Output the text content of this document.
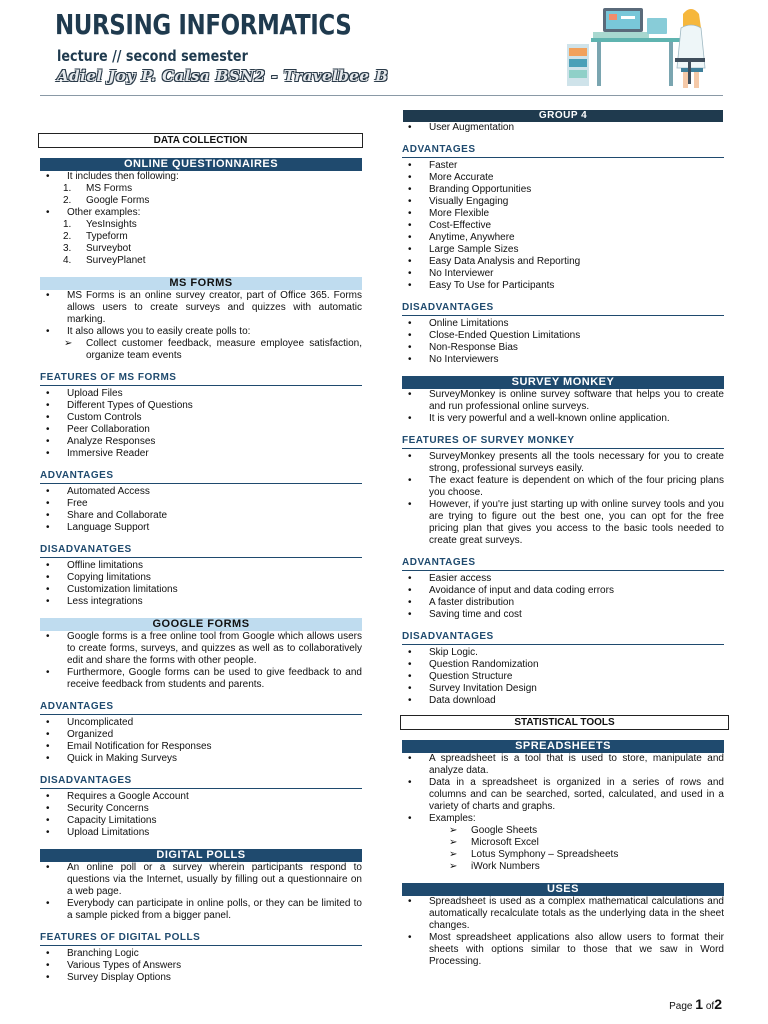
NURSING INFORMATICS
lecture // second semester
Adiel Joy P. Calsa BSN2 - Travelbee B
GROUP 4
DATA COLLECTION
ONLINE QUESTIONNAIRES
• It includes then following:
1. MS Forms
2. Google Forms
• Other examples:
1. YesInsights
2. Typeform
3. Surveybot
4. SurveyPlanet
MS FORMS
• MS Forms is an online survey creator, part of Office 365. Forms allows users to create surveys and quizzes with automatic marking.
• It also allows you to easily create polls to:
➢ Collect customer feedback, measure employee satisfaction, organize team events
FEATURES OF MS FORMS
• Upload Files
• Different Types of Questions
• Custom Controls
• Peer Collaboration
• Analyze Responses
• Immersive Reader
ADVANTAGES
• Automated Access
• Free
• Share and Collaborate
• Language Support
DISADVANATGES
• Offline limitations
• Copying limitations
• Customization limitations
• Less integrations
GOOGLE FORMS
• Google forms is a free online tool from Google which allows users to create forms, surveys, and quizzes as well as to collaboratively edit and share the forms with other people.
• Furthermore, Google forms can be used to give feedback to and receive feedback from students and parents.
ADVANTAGES
• Uncomplicated
• Organized
• Email Notification for Responses
• Quick in Making Surveys
DISADVANTAGES
• Requires a Google Account
• Security Concerns
• Capacity Limitations
• Upload Limitations
DIGITAL POLLS
• An online poll or a survey wherein participants respond to questions via the Internet, usually by filling out a questionnaire on a web page.
• Everybody can participate in online polls, or they can be limited to a sample picked from a bigger panel.
FEATURES OF DIGITAL POLLS
• Branching Logic
• Various Types of Answers
• Survey Display Options
• User Augmentation
ADVANTAGES
• Faster
• More Accurate
• Branding Opportunities
• Visually Engaging
• More Flexible
• Cost-Effective
• Anytime, Anywhere
• Large Sample Sizes
• Easy Data Analysis and Reporting
• No Interviewer
• Easy To Use for Participants
DISADVANTAGES
• Online Limitations
• Close-Ended Question Limitations
• Non-Response Bias
• No Interviewers
SURVEY MONKEY
• SurveyMonkey is online survey software that helps you to create and run professional online surveys.
• It is very powerful and a well-known online application.
FEATURES OF SURVEY MONKEY
• SurveyMonkey presents all the tools necessary for you to create strong, professional surveys easily.
• The exact feature is dependent on which of the four pricing plans you choose.
• However, if you're just starting up with online survey tools and you are trying to figure out the best one, you can opt for the free pricing plan that gives you access to the basic tools needed to create great surveys.
ADVANTAGES
• Easier access
• Avoidance of input and data coding errors
• A faster distribution
• Saving time and cost
DISADVANTAGES
• Skip Logic.
• Question Randomization
• Question Structure
• Survey Invitation Design
• Data download
STATISTICAL TOOLS
SPREADSHEETS
• A spreadsheet is a tool that is used to store, manipulate and analyze data.
• Data in a spreadsheet is organized in a series of rows and columns and can be searched, sorted, calculated, and used in a variety of charts and graphs.
• Examples:
➢ Google Sheets
➢ Microsoft Excel
➢ Lotus Symphony – Spreadsheets
➢ iWork Numbers
USES
• Spreadsheet is used as a complex mathematical calculations and automatically recalculate totals as the underlying data in the sheet changes.
• Most spreadsheet applications also allow users to format their sheets with options similar to those that we saw in Word Processing.
Page 1 of2
